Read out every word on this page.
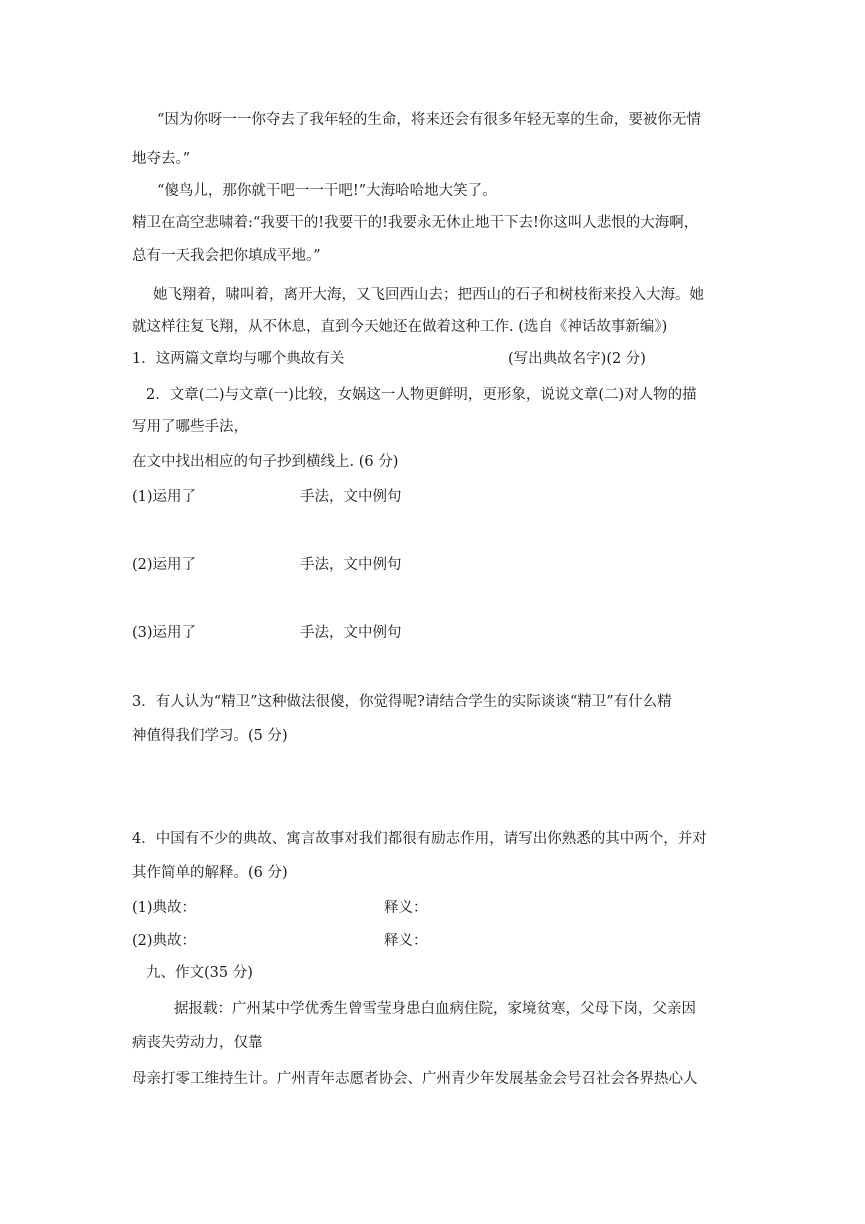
“因为你呀一一你夺去了我年轻的生命，将来还会有很多年轻无辜的生命，要被你无情
地夺去。”
“傻鸟儿，那你就干吧一一干吧!”大海哈哈地大笑了。
精卫在高空悲啸着:“我要干的!我要干的!我要永无休止地干下去!你这叫人悲恨的大海啊，
总有一天我会把你填成平地。”
她飞翔着，啸叫着，离开大海，又飞回西山去；把西山的石子和树枝衔来投入大海。她
就这样往复飞翔，从不休息，直到今天她还在做着这种工作. (选自《神话故事新编》)
1．这两篇文章均与哪个典故有关	(写出典故名字)(2 分)
2．文章(二)与文章(一)比较，女娲这一人物更鲜明，更形象，说说文章(二)对人物的描
写用了哪些手法，
在文中找出相应的句子抄到横线上. (6 分)
(1)运用了	手法，文中例句
(2)运用了	手法，文中例句
(3)运用了	手法，文中例句
3．有人认为“精卫”这种做法很傻，你觉得呢?请结合学生的实际谈谈“精卫”有什么精
神值得我们学习。(5 分)
4．中国有不少的典故、寓言故事对我们都很有励志作用，请写出你熟悉的其中两个，并对
其作简单的解释。(6 分)
(1)典故：	释义：
(2)典故：	释义：
九、作文(35 分)
据报载：广州某中学优秀生曾雪莹身患白血病住院，家境贫寒，父母下岗，父亲因
病丧失劳动力，仅靠
母亲打零工维持生计。广州青年志愿者协会、广州青少年发展基金会号召社会各界热心人
